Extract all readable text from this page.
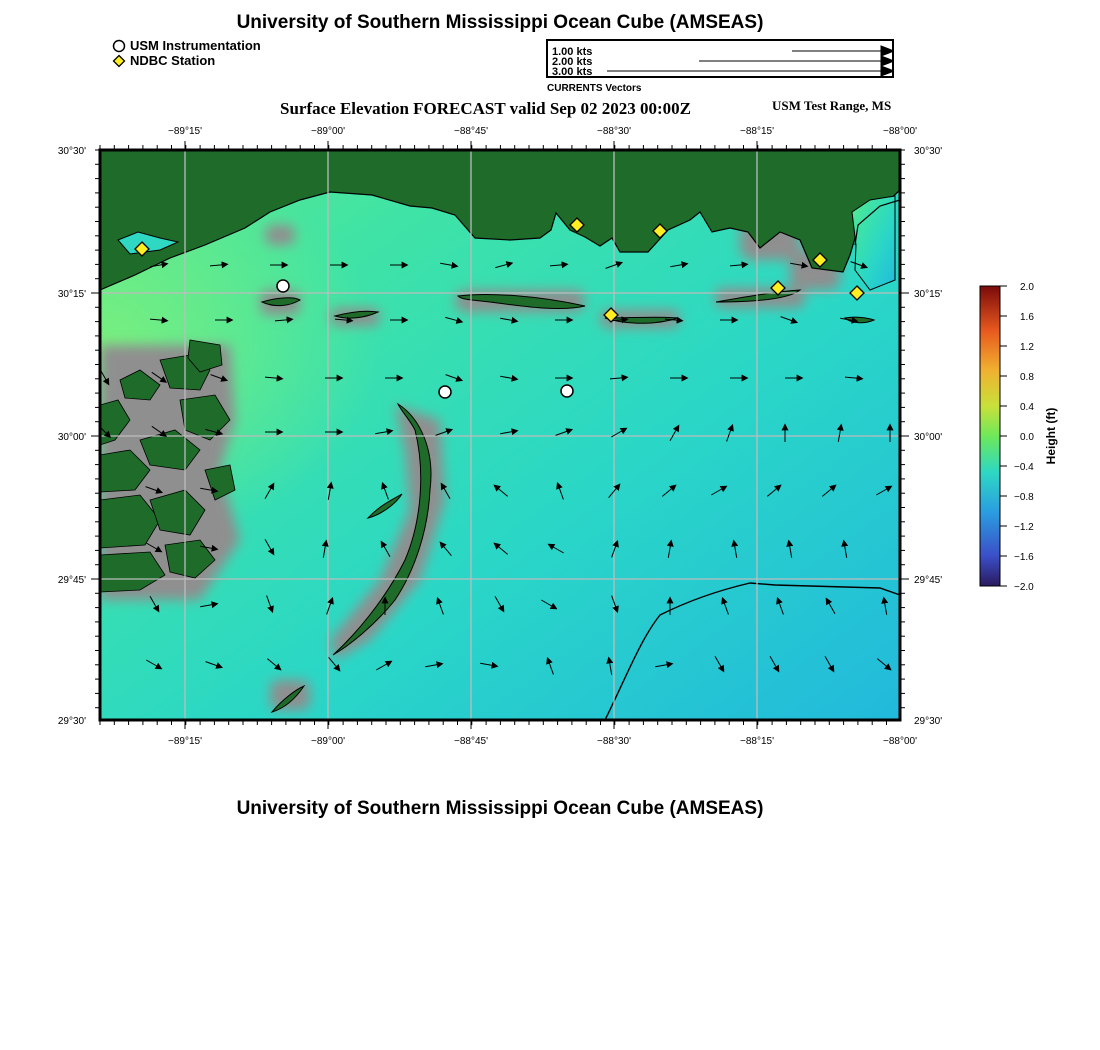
University of Southern Mississippi Ocean Cube (AMSEAS)
USM Instrumentation
NDBC Station
1.00 kts
2.00 kts
3.00 kts
CURRENTS Vectors
Surface Elevation FORECAST valid Sep 02 2023 00:00Z	USM Test Range, MS
−89°15'	−89°00'	−88°45'	−88°30'	−88°15'	−88°00'
−89°15'	−89°00'	−88°45'	−88°30'	−88°15'	−88°00'
30°30'
30°15'
30°00'
29°45'
29°30'
30°30'
30°15'
30°00'
29°45'
29°30'
2.0
1.6
1.2
0.8
0.4
0.0
−0.4
−0.8
−1.2
−1.6
−2.0
Height (ft)
University of Southern Mississippi Ocean Cube (AMSEAS)
